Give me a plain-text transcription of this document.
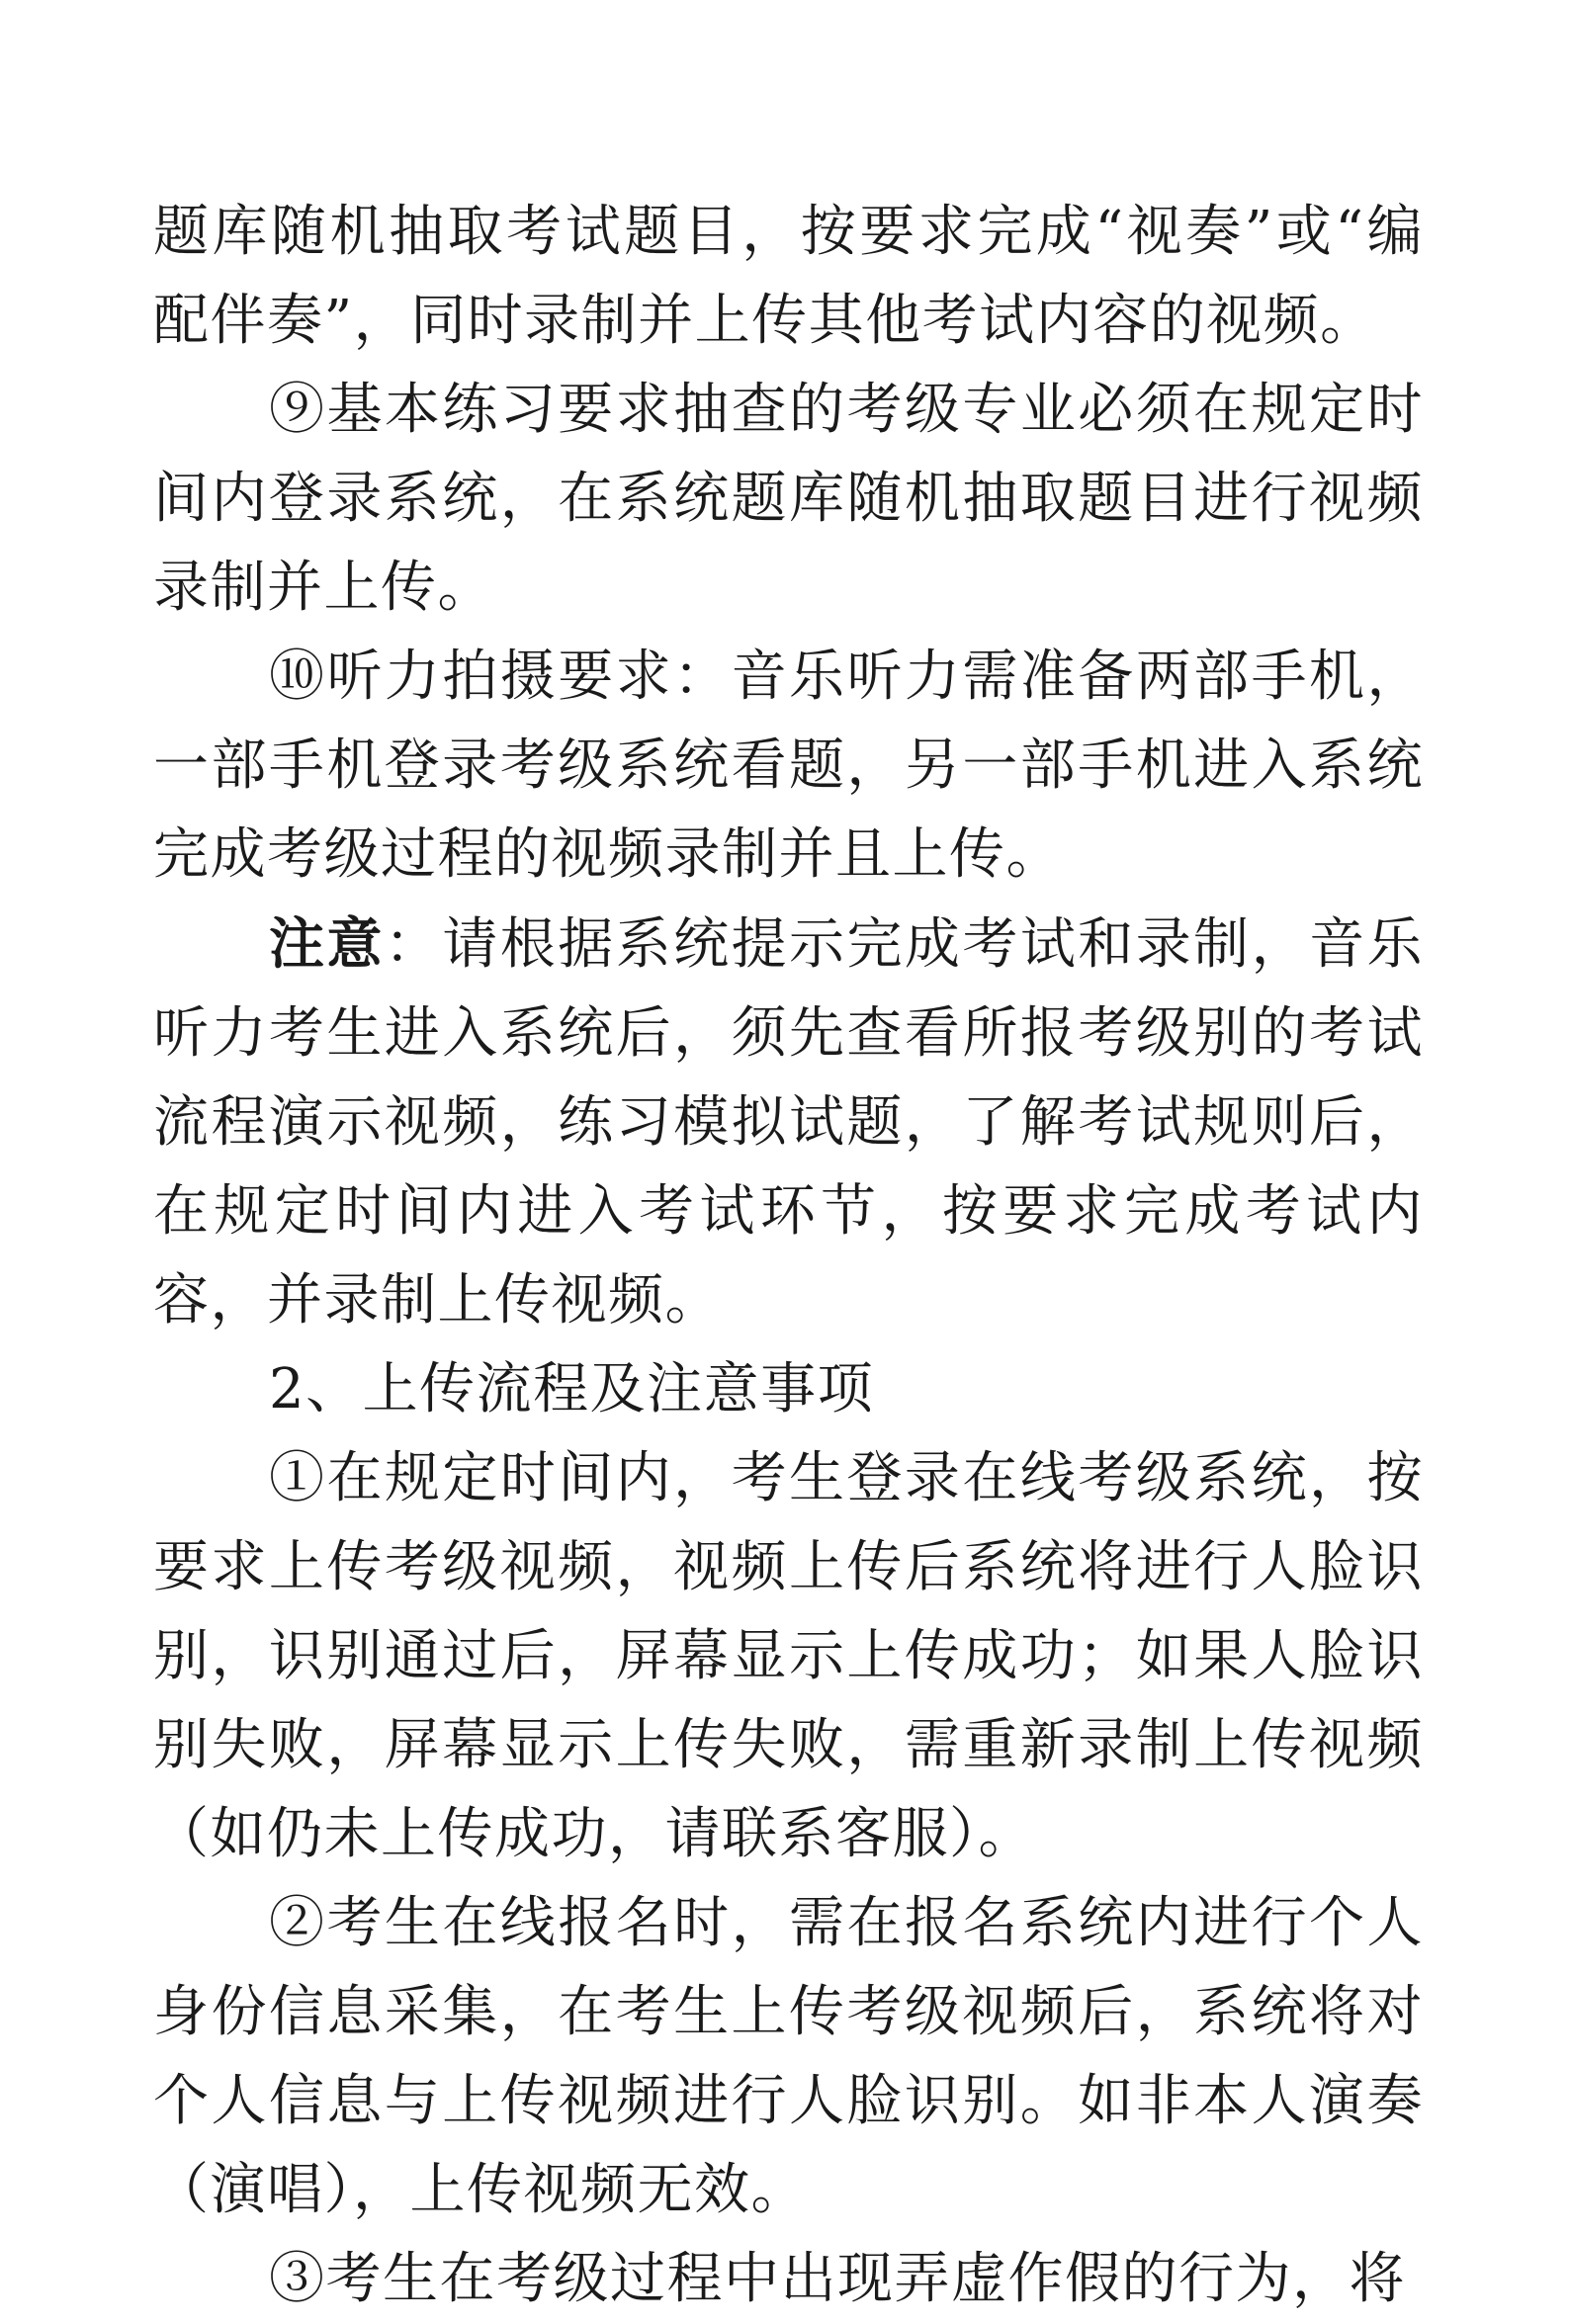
题库随机抽取考试题目，按要求完成“视奏”或“编配伴奏”，同时录制并上传其他考试内容的视频。

⑨基本练习要求抽查的考级专业必须在规定时间内登录系统，在系统题库随机抽取题目进行视频录制并上传。

⑩听力拍摄要求：音乐听力需准备两部手机，一部手机登录考级系统看题，另一部手机进入系统完成考级过程的视频录制并且上传。

注意：请根据系统提示完成考试和录制，音乐听力考生进入系统后，须先查看所报考级别的考试流程演示视频，练习模拟试题，了解考试规则后，在规定时间内进入考试环节，按要求完成考试内容，并录制上传视频。

2、上传流程及注意事项

①在规定时间内，考生登录在线考级系统，按要求上传考级视频，视频上传后系统将进行人脸识别，识别通过后，屏幕显示上传成功；如果人脸识别失败，屏幕显示上传失败，需重新录制上传视频（如仍未上传成功，请联系客服）。

②考生在线报名时，需在报名系统内进行个人身份信息采集，在考生上传考级视频后，系统将对个人信息与上传视频进行人脸识别。如非本人演奏（演唱），上传视频无效。

③考生在考级过程中出现弄虚作假的行为，将
